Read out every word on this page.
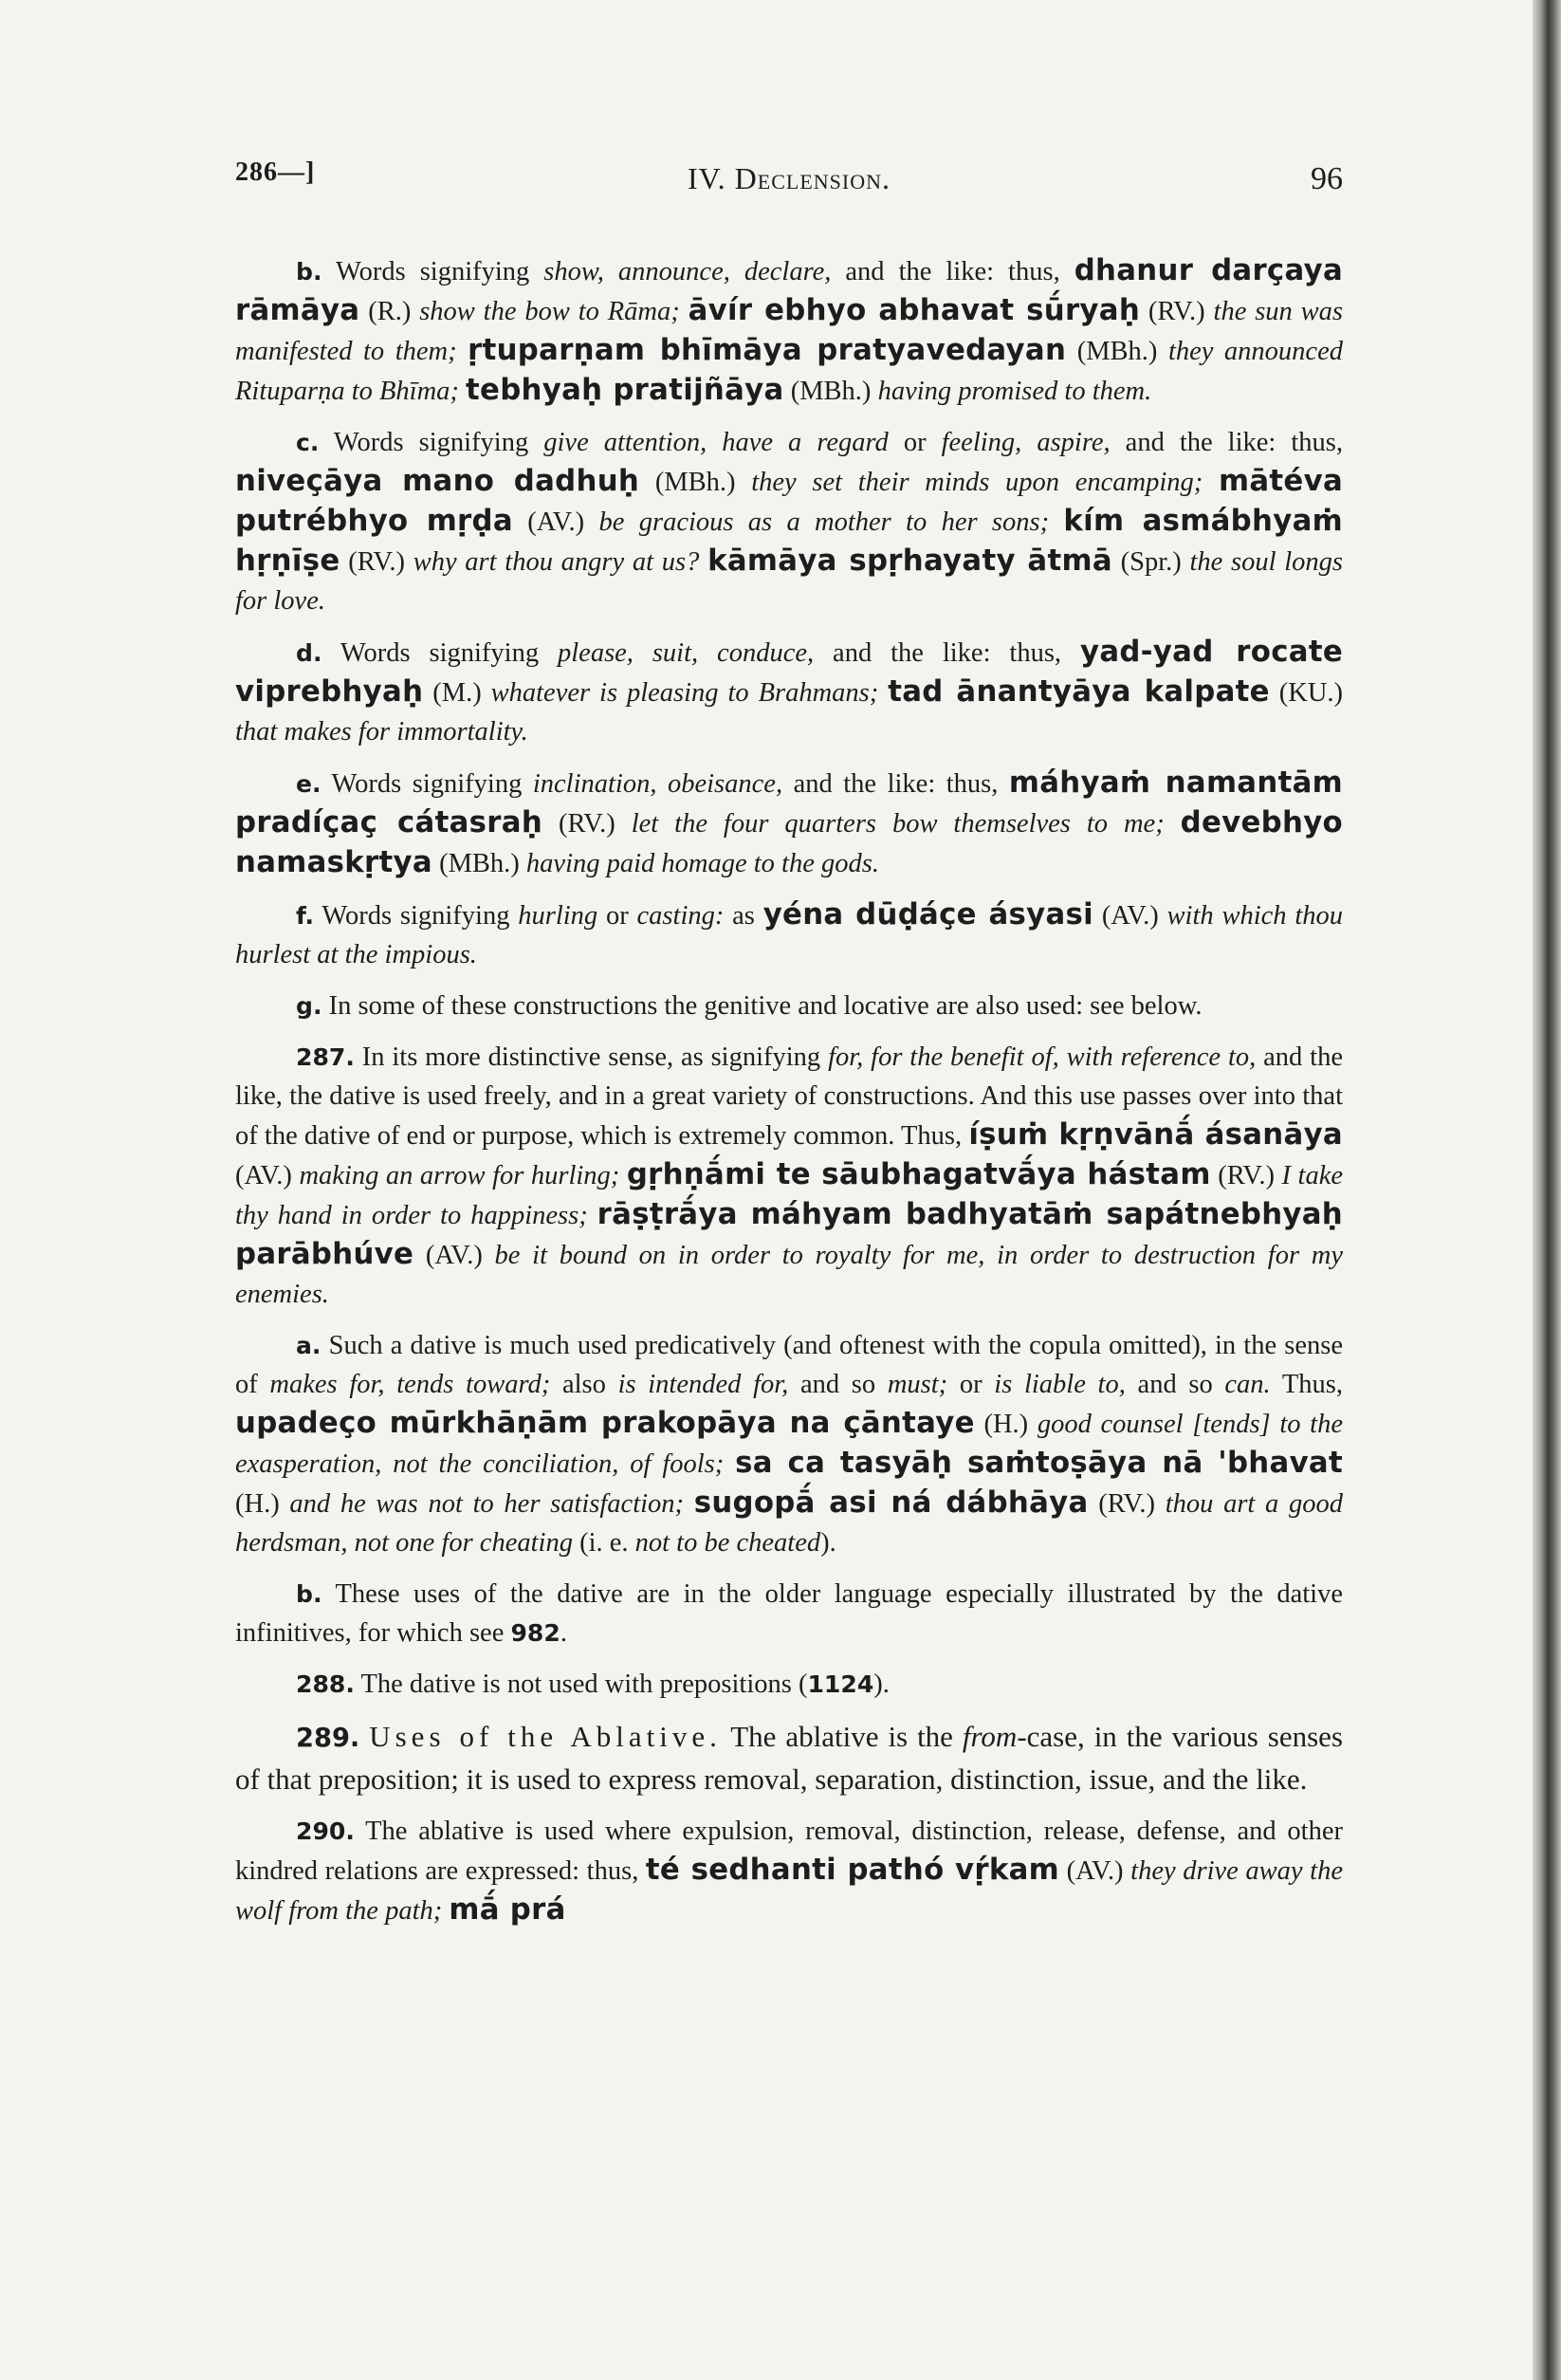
286—]	IV. Declension.	96

b. Words signifying show, announce, declare, and the like: thus, dhanur darçaya rāmāya (R.) show the bow to Rāma; āvír ebhyo abhavat sū́ryaḥ (RV.) the sun was manifested to them; ṛtuparṇam bhīmāya pratyavedayan (MBh.) they announced Rituparṇa to Bhīma; tebhyaḥ pratijñāya (MBh.) having promised to them.

c. Words signifying give attention, have a regard or feeling, aspire, and the like: thus, niveçāya mano dadhuḥ (MBh.) they set their minds upon encamping; mātéva putrébhyo mṛḍa (AV.) be gracious as a mother to her sons; kím asmábhyaṁ hṛṇīṣe (RV.) why art thou angry at us? kāmāya spṛhayaty ātmā (Spr.) the soul longs for love.

d. Words signifying please, suit, conduce, and the like: thus, yad-yad rocate viprebhyaḥ (M.) whatever is pleasing to Brahmans; tad ānantyāya kalpate (KU.) that makes for immortality.

e. Words signifying inclination, obeisance, and the like: thus, máhyaṁ namantām pradíçaç cátasraḥ (RV.) let the four quarters bow themselves to me; devebhyo namaskṛtya (MBh.) having paid homage to the gods.

f. Words signifying hurling or casting: as yéna dūḍáçe ásyasi (AV.) with which thou hurlest at the impious.

g. In some of these constructions the genitive and locative are also used: see below.

287. In its more distinctive sense, as signifying for, for the benefit of, with reference to, and the like, the dative is used freely, and in a great variety of constructions. And this use passes over into that of the dative of end or purpose, which is extremely common. Thus, íṣuṁ kṛṇvānā́ ásanāya (AV.) making an arrow for hurling; gṛhṇā́mi te sāubhagatvā́ya hástam (RV.) I take thy hand in order to happiness; rāṣṭrā́ya máhyam badhyatāṁ sapátnebhyaḥ parābhúve (AV.) be it bound on in order to royalty for me, in order to destruction for my enemies.

a. Such a dative is much used predicatively (and oftenest with the copula omitted), in the sense of makes for, tends toward; also is intended for, and so must; or is liable to, and so can. Thus, upadeço mūrkhāṇām prakopāya na çāntaye (H.) good counsel [tends] to the exasperation, not the conciliation, of fools; sa ca tasyāḥ saṁtoṣāya nā 'bhavat (H.) and he was not to her satisfaction; sugopā́ asi ná dábhāya (RV.) thou art a good herdsman, not one for cheating (i. e. not to be cheated).

b. These uses of the dative are in the older language especially illustrated by the dative infinitives, for which see 982.

288. The dative is not used with prepositions (1124).

289. Uses of the Ablative. The ablative is the from-case, in the various senses of that preposition; it is used to express removal, separation, distinction, issue, and the like.

290. The ablative is used where expulsion, removal, distinction, release, defense, and other kindred relations are expressed: thus, té sedhanti pathó vṛ́kam (AV.) they drive away the wolf from the path; mā́ prá
